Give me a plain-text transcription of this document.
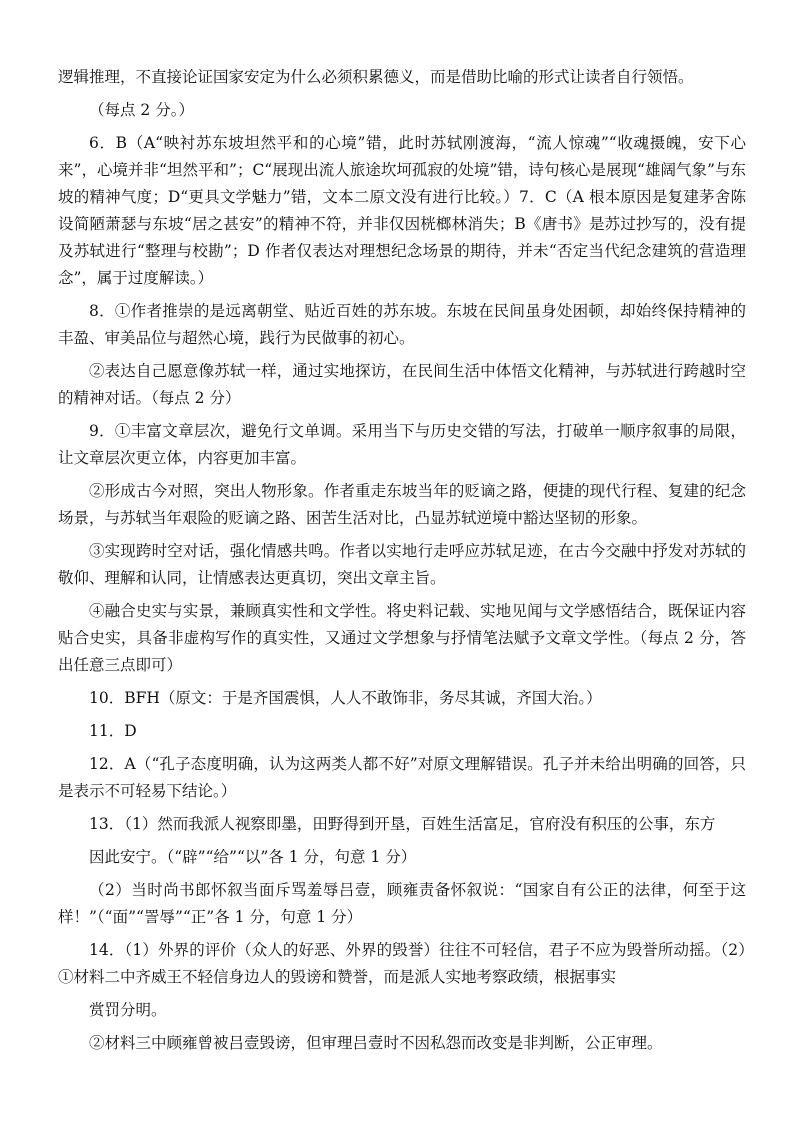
逻辑推理，不直接论证国家安定为什么必须积累德义，而是借助比喻的形式让读者自行领悟。

（每点 2 分。）

6．B（A“映衬苏东坡坦然平和的心境”错，此时苏轼刚渡海，“流人惊魂”“收魂摄魄，安下心来”，心境并非“坦然平和”；C“展现出流人旅途坎坷孤寂的处境”错，诗句核心是展现“雄阔气象”与东坡的精神气度；D“更具文学魅力”错，文本二原文没有进行比较。）7．C（A 根本原因是复建茅舍陈设简陋萧瑟与东坡“居之甚安”的精神不符，并非仅因桄榔林消失；B《唐书》是苏过抄写的，没有提及苏轼进行“整理与校勘”；D 作者仅表达对理想纪念场景的期待，并未“否定当代纪念建筑的营造理念”，属于过度解读。）

8．①作者推崇的是远离朝堂、贴近百姓的苏东坡。东坡在民间虽身处困顿，却始终保持精神的丰盈、审美品位与超然心境，践行为民做事的初心。

②表达自己愿意像苏轼一样，通过实地探访，在民间生活中体悟文化精神，与苏轼进行跨越时空的精神对话。（每点 2 分）

9．①丰富文章层次，避免行文单调。采用当下与历史交错的写法，打破单一顺序叙事的局限，让文章层次更立体，内容更加丰富。

②形成古今对照，突出人物形象。作者重走东坡当年的贬谪之路，便捷的现代行程、复建的纪念场景，与苏轼当年艰险的贬谪之路、困苦生活对比，凸显苏轼逆境中豁达坚韧的形象。

③实现跨时空对话，强化情感共鸣。作者以实地行走呼应苏轼足迹，在古今交融中抒发对苏轼的敬仰、理解和认同，让情感表达更真切，突出文章主旨。

④融合史实与实景，兼顾真实性和文学性。将史料记载、实地见闻与文学感悟结合，既保证内容贴合史实，具备非虚构写作的真实性，又通过文学想象与抒情笔法赋予文章文学性。（每点 2 分，答出任意三点即可）

10．BFH（原文：于是齐国震惧，人人不敢饰非，务尽其诚，齐国大治。）

11．D

12．A（“孔子态度明确，认为这两类人都不好”对原文理解错误。孔子并未给出明确的回答，只是表示不可轻易下结论。）

13．（1）然而我派人视察即墨，田野得到开垦，百姓生活富足，官府没有积压的公事，东方

因此安宁。（“辟”“给”“以”各 1 分，句意 1 分）

（2）当时尚书郎怀叙当面斥骂羞辱吕壹，顾雍责备怀叙说：“国家自有公正的法律，何至于这样！”（“面”“詈辱”“正”各 1 分，句意 1 分）

14．（1）外界的评价（众人的好恶、外界的毁誉）往往不可轻信，君子不应为毁誉所动摇。（2）①材料二中齐威王不轻信身边人的毁谤和赞誉，而是派人实地考察政绩，根据事实

赏罚分明。

②材料三中顾雍曾被吕壹毁谤，但审理吕壹时不因私怨而改变是非判断，公正审理。
